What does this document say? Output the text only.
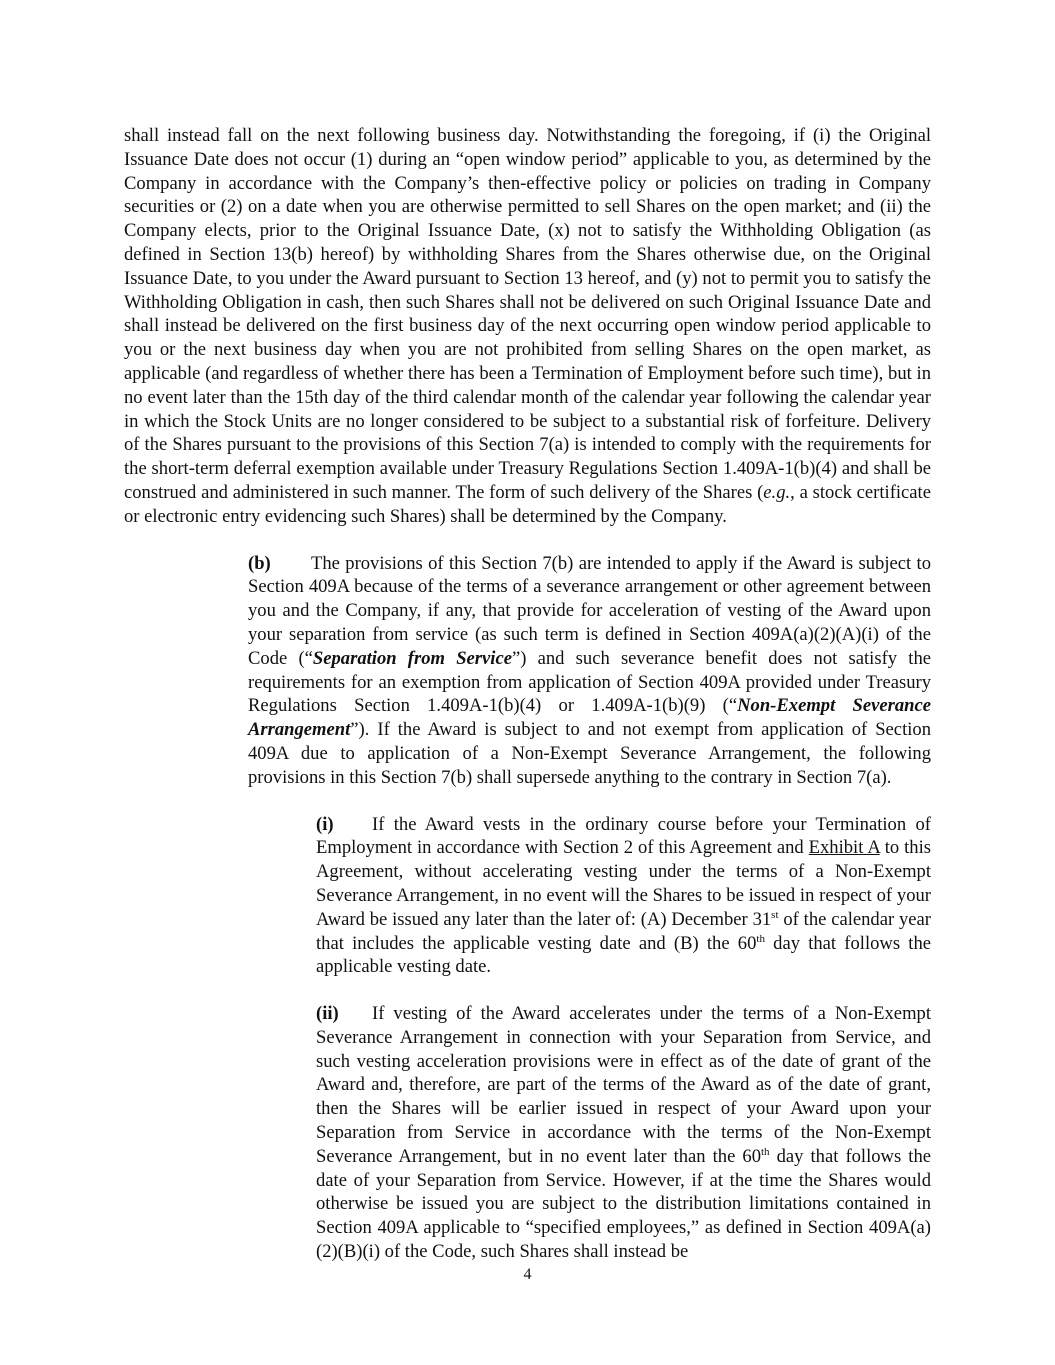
shall instead fall on the next following business day. Notwithstanding the foregoing, if (i) the Original Issuance Date does not occur (1) during an “open window period” applicable to you, as determined by the Company in accordance with the Company’s then-effective policy or policies on trading in Company securities or (2) on a date when you are otherwise permitted to sell Shares on the open market; and (ii) the Company elects, prior to the Original Issuance Date, (x) not to satisfy the Withholding Obligation (as defined in Section 13(b) hereof) by withholding Shares from the Shares otherwise due, on the Original Issuance Date, to you under the Award pursuant to Section 13 hereof, and (y) not to permit you to satisfy the Withholding Obligation in cash, then such Shares shall not be delivered on such Original Issuance Date and shall instead be delivered on the first business day of the next occurring open window period applicable to you or the next business day when you are not prohibited from selling Shares on the open market, as applicable (and regardless of whether there has been a Termination of Employment before such time), but in no event later than the 15th day of the third calendar month of the calendar year following the calendar year in which the Stock Units are no longer considered to be subject to a substantial risk of forfeiture. Delivery of the Shares pursuant to the provisions of this Section 7(a) is intended to comply with the requirements for the short-term deferral exemption available under Treasury Regulations Section 1.409A-1(b)(4) and shall be construed and administered in such manner. The form of such delivery of the Shares (e.g., a stock certificate or electronic entry evidencing such Shares) shall be determined by the Company.

(b) The provisions of this Section 7(b) are intended to apply if the Award is subject to Section 409A because of the terms of a severance arrangement or other agreement between you and the Company, if any, that provide for acceleration of vesting of the Award upon your separation from service (as such term is defined in Section 409A(a)(2)(A)(i) of the Code (“Separation from Service”) and such severance benefit does not satisfy the requirements for an exemption from application of Section 409A provided under Treasury Regulations Section 1.409A-1(b)(4) or 1.409A-1(b)(9) (“Non-Exempt Severance Arrangement”). If the Award is subject to and not exempt from application of Section 409A due to application of a Non-Exempt Severance Arrangement, the following provisions in this Section 7(b) shall supersede anything to the contrary in Section 7(a).

(i) If the Award vests in the ordinary course before your Termination of Employment in accordance with Section 2 of this Agreement and Exhibit A to this Agreement, without accelerating vesting under the terms of a Non-Exempt Severance Arrangement, in no event will the Shares to be issued in respect of your Award be issued any later than the later of: (A) December 31st of the calendar year that includes the applicable vesting date and (B) the 60th day that follows the applicable vesting date.

(ii) If vesting of the Award accelerates under the terms of a Non-Exempt Severance Arrangement in connection with your Separation from Service, and such vesting acceleration provisions were in effect as of the date of grant of the Award and, therefore, are part of the terms of the Award as of the date of grant, then the Shares will be earlier issued in respect of your Award upon your Separation from Service in accordance with the terms of the Non-Exempt Severance Arrangement, but in no event later than the 60th day that follows the date of your Separation from Service. However, if at the time the Shares would otherwise be issued you are subject to the distribution limitations contained in Section 409A applicable to “specified employees,” as defined in Section 409A(a)(2)(B)(i) of the Code, such Shares shall instead be

4
